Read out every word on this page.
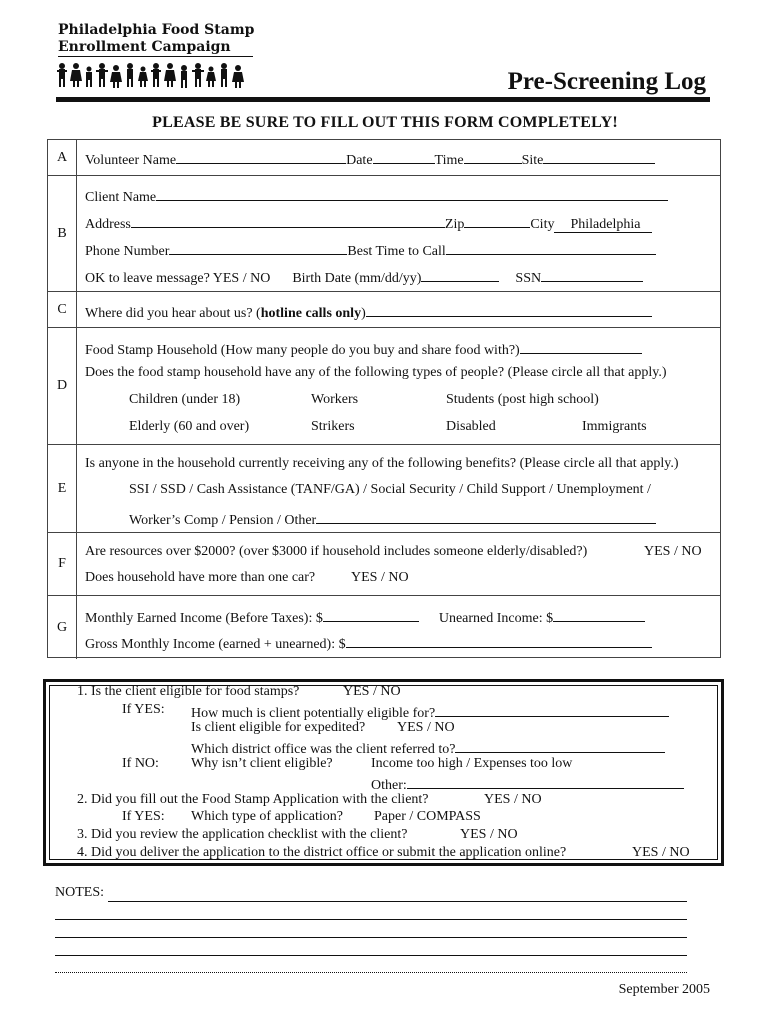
Philadelphia Food Stamp
Enrollment Campaign
Pre-Screening Log
PLEASE BE SURE TO FILL OUT THIS FORM COMPLETELY!
A	Volunteer Name	Date	Time	Site
B
Client Name
Address	Zip	City Philadelphia
Phone Number	Best Time to Call
OK to leave message? YES / NO Birth Date (mm/dd/yy)	SSN
C	Where did you hear about us? (hotline calls only)
D
Food Stamp Household (How many people do you buy and share food with?)
Does the food stamp household have any of the following types of people? (Please circle all that apply.)
Children (under 18)	Workers	Students (post high school)
Elderly (60 and over)	Strikers	Disabled	Immigrants
E
Is anyone in the household currently receiving any of the following benefits? (Please circle all that apply.)
SSI / SSD / Cash Assistance (TANF/GA) / Social Security / Child Support / Unemployment /
Worker’s Comp / Pension / Other
F
Are resources over $2000? (over $3000 if household includes someone elderly/disabled?)	YES / NO
Does household have more than one car?	YES / NO
G
Monthly Earned Income (Before Taxes): $	Unearned Income: $
Gross Monthly Income (earned + unearned): $
1. Is the client eligible for food stamps?	YES / NO
If YES: How much is client potentially eligible for?
Is client eligible for expedited? YES / NO
Which district office was the client referred to?
If NO: Why isn’t client eligible?	Income too high / Expenses too low
Other:
2. Did you fill out the Food Stamp Application with the client?	YES / NO
If YES: Which type of application? Paper / COMPASS
3. Did you review the application checklist with the client?	YES / NO
4. Did you deliver the application to the district office or submit the application online?	YES / NO
NOTES:
September 2005
